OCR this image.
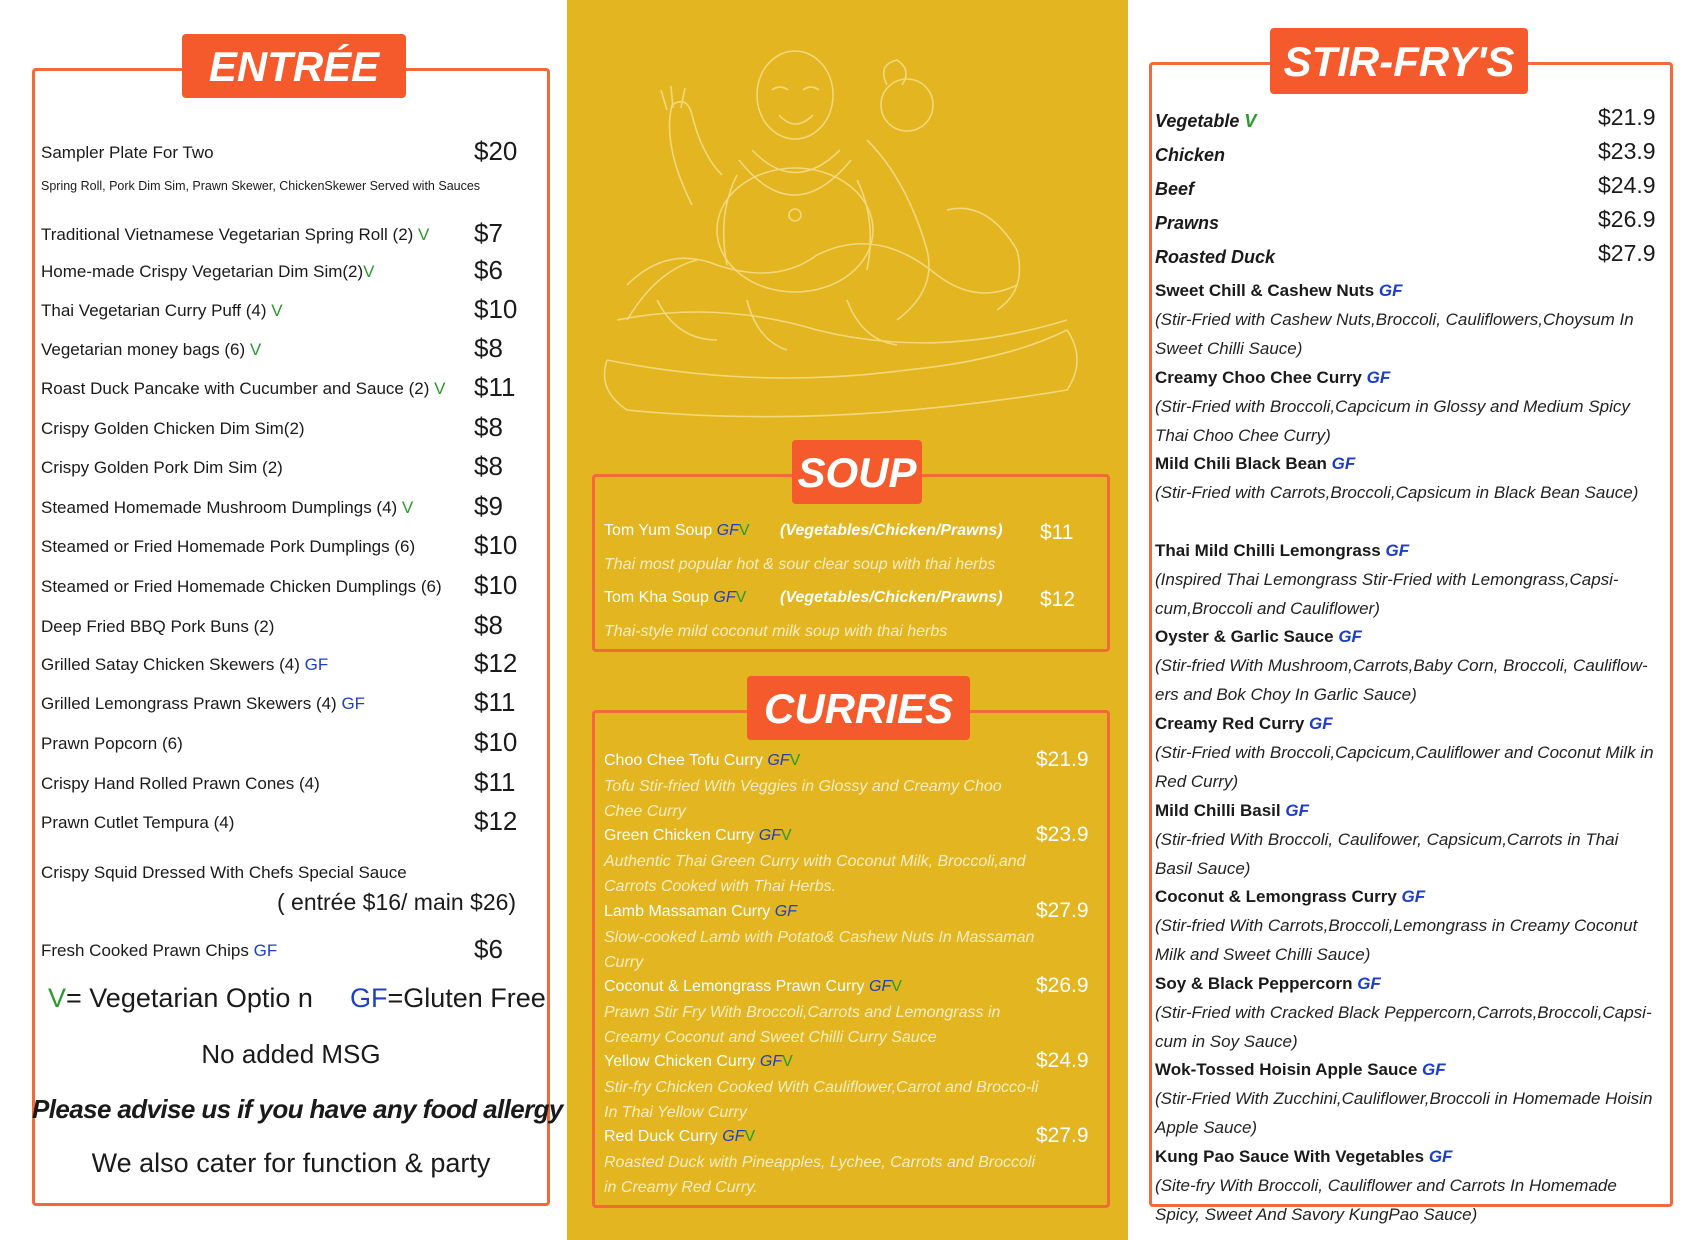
ENTRÉE
Sampler Plate For Two	$20
Spring Roll, Pork Dim Sim, Prawn Skewer, ChickenSkewer Served with Sauces
Traditional Vietnamese Vegetarian Spring Roll (2) V $7
Home-made Crispy Vegetarian Dim Sim(2)V	$6
Thai Vegetarian Curry Puff (4) V	$10
Vegetarian money bags (6) V	$8
Roast Duck Pancake with Cucumber and Sauce (2) V $11
Crispy Golden Chicken Dim Sim(2)	$8
Crispy Golden Pork Dim Sim (2)	$8
Steamed Homemade Mushroom Dumplings (4) V $9
Steamed or Fried Homemade Pork Dumplings (6) $10
Steamed or Fried Homemade Chicken Dumplings (6) $10
Deep Fried BBQ Pork Buns (2)	$8
Grilled Satay Chicken Skewers (4) GF	$12
Grilled Lemongrass Prawn Skewers (4) GF	$11
Prawn Popcorn (6)	$10
Crispy Hand Rolled Prawn Cones (4)	$11
Prawn Cutlet Tempura (4)	$12
Crispy Squid Dressed With Chefs Special Sauce
( entrée $16/ main $26)
Fresh Cooked Prawn Chips GF	$6
V= Vegetarian Optio n GF=Gluten Free
No added MSG
Please advise us if you have any food allergy
We also cater for function & party
SOUP
Tom Yum Soup GFV (Vegetables/Chicken/Prawns) $11
Thai most popular hot & sour clear soup with thai herbs
Tom Kha Soup GFV (Vegetables/Chicken/Prawns) $12
Thai-style mild coconut milk soup with thai herbs
CURRIES
Choo Chee Tofu Curry GFV	$21.9
Tofu Stir-fried With Veggies in Glossy and Creamy Choo Chee Curry
Green Chicken Curry GFV	$23.9
Authentic Thai Green Curry with Coconut Milk, Broccoli,and Carrots Cooked with Thai Herbs.
Lamb Massaman Curry GF	$27.9
Slow-cooked Lamb with Potato& Cashew Nuts In Massaman Curry
Coconut & Lemongrass Prawn Curry GFV	$26.9
Prawn Stir Fry With Broccoli,Carrots and Lemongrass in Creamy Coconut and Sweet Chilli Curry Sauce
Yellow Chicken Curry GFV	$24.9
Stir-fry Chicken Cooked With Cauliflower,Carrot and Brocco-li In Thai Yellow Curry
Red Duck Curry GFV	$27.9
Roasted Duck with Pineapples, Lychee, Carrots and Broccoli in Creamy Red Curry.
STIR-FRY'S
Vegetable V	$21.9
Chicken	$23.9
Beef	$24.9
Prawns	$26.9
Roasted Duck	$27.9
Sweet Chill & Cashew Nuts GF
(Stir-Fried with Cashew Nuts,Broccoli, Cauliflowers,Choysum In Sweet Chilli Sauce)
Creamy Choo Chee Curry GF
(Stir-Fried with Broccoli,Capcicum in Glossy and Medium Spicy Thai Choo Chee Curry)
Mild Chili Black Bean GF
(Stir-Fried with Carrots,Broccoli,Capsicum in Black Bean Sauce)
Thai Mild Chilli Lemongrass GF
(Inspired Thai Lemongrass Stir-Fried with Lemongrass,Capsi-cum,Broccoli and Cauliflower)
Oyster & Garlic Sauce GF
(Stir-fried With Mushroom,Carrots,Baby Corn, Broccoli, Cauliflow-ers and Bok Choy In Garlic Sauce)
Creamy Red Curry GF
(Stir-Fried with Broccoli,Capcicum,Cauliflower and Coconut Milk in Red Curry)
Mild Chilli Basil GF
(Stir-fried With Broccoli, Caulifower, Capsicum,Carrots in Thai Basil Sauce)
Coconut & Lemongrass Curry GF
(Stir-fried With Carrots,Broccoli,Lemongrass in Creamy Coconut Milk and Sweet Chilli Sauce)
Soy & Black Peppercorn GF
(Stir-Fried with Cracked Black Peppercorn,Carrots,Broccoli,Capsi-cum in Soy Sauce)
Wok-Tossed Hoisin Apple Sauce GF
(Stir-Fried With Zucchini,Cauliflower,Broccoli in Homemade Hoisin Apple Sauce)
Kung Pao Sauce With Vegetables GF
(Site-fry With Broccoli, Cauliflower and Carrots In Homemade Spicy, Sweet And Savory KungPao Sauce)
